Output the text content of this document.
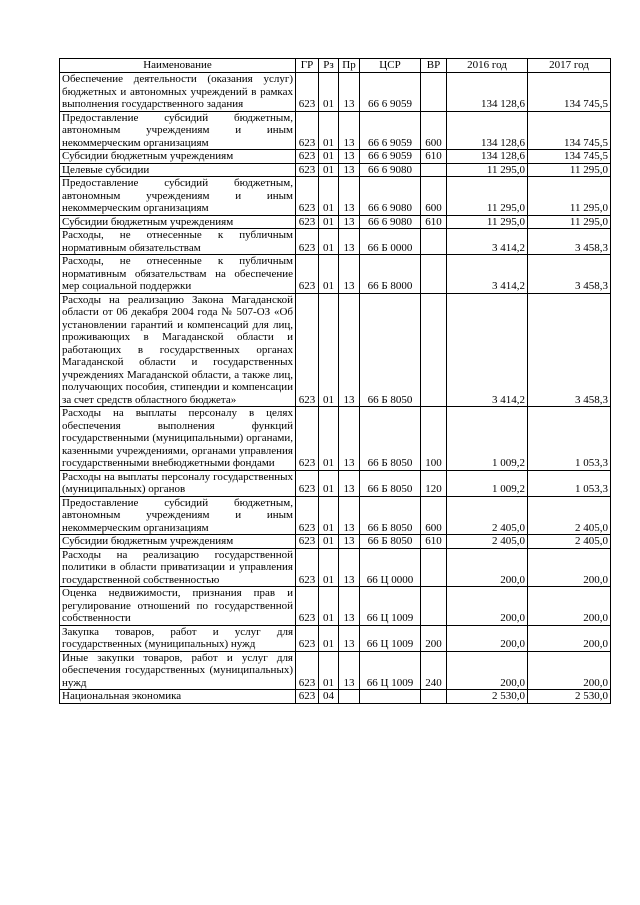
Наименование	ГР	Рз	Пр	ЦСР	ВР	2016 год	2017 год
Обеспечение деятельности (оказания услуг) бюджетных и автономных учреждений в рамках выполнения государственного задания	623	01	13	66 6 9059		134 128,6	134 745,5
Предоставление субсидий бюджетным, автономным учреждениям и иным некоммерческим организациям	623	01	13	66 6 9059	600	134 128,6	134 745,5
Субсидии бюджетным учреждениям	623	01	13	66 6 9059	610	134 128,6	134 745,5
Целевые субсидии	623	01	13	66 6 9080		11 295,0	11 295,0
Предоставление субсидий бюджетным, автономным учреждениям и иным некоммерческим организациям	623	01	13	66 6 9080	600	11 295,0	11 295,0
Субсидии бюджетным учреждениям	623	01	13	66 6 9080	610	11 295,0	11 295,0
Расходы, не отнесенные к публичным нормативным обязательствам	623	01	13	66 Б 0000		3 414,2	3 458,3
Расходы, не отнесенные к публичным нормативным обязательствам на обеспечение мер социальной поддержки	623	01	13	66 Б 8000		3 414,2	3 458,3
Расходы на реализацию Закона Магаданской области от 06 декабря 2004 года № 507-ОЗ «Об установлении гарантий и компенсаций для лиц, проживающих в Магаданской области и работающих в государственных органах Магаданской области и государственных учреждениях Магаданской области, а также лиц, получающих пособия, стипендии и компенсации за счет средств областного бюджета»	623	01	13	66 Б 8050		3 414,2	3 458,3
Расходы на выплаты персоналу в целях обеспечения выполнения функций государственными (муниципальными) органами, казенными учреждениями, органами управления государственными внебюджетными фондами	623	01	13	66 Б 8050	100	1 009,2	1 053,3
Расходы на выплаты персоналу государственных (муниципальных) органов	623	01	13	66 Б 8050	120	1 009,2	1 053,3
Предоставление субсидий бюджетным, автономным учреждениям и иным некоммерческим организациям	623	01	13	66 Б 8050	600	2 405,0	2 405,0
Субсидии бюджетным учреждениям	623	01	13	66 Б 8050	610	2 405,0	2 405,0
Расходы на реализацию государственной политики в области приватизации и управления государственной собственностью	623	01	13	66 Ц 0000		200,0	200,0
Оценка недвижимости, признания прав и регулирование отношений по государственной собственности	623	01	13	66 Ц 1009		200,0	200,0
Закупка товаров, работ и услуг для государственных (муниципальных) нужд	623	01	13	66 Ц 1009	200	200,0	200,0
Иные закупки товаров, работ и услуг для обеспечения государственных (муниципальных) нужд	623	01	13	66 Ц 1009	240	200,0	200,0
Национальная экономика	623	04				2 530,0	2 530,0
